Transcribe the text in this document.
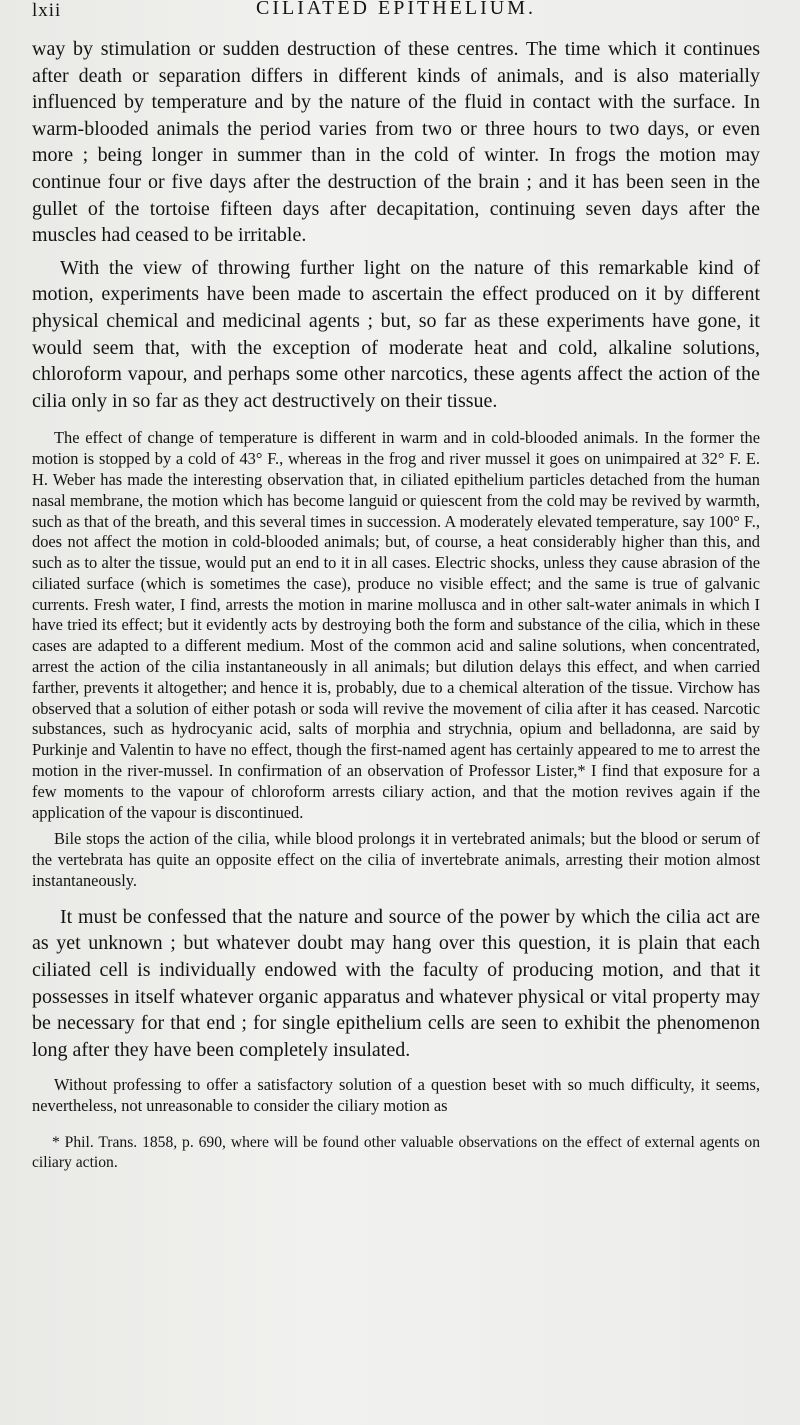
lxii	CILIATED EPITHELIUM.

way by stimulation or sudden destruction of these centres. The time which it continues after death or separation differs in different kinds of animals, and is also materially influenced by temperature and by the nature of the fluid in contact with the surface. In warm-blooded animals the period varies from two or three hours to two days, or even more ; being longer in summer than in the cold of winter. In frogs the motion may continue four or five days after the destruction of the brain ; and it has been seen in the gullet of the tortoise fifteen days after decapitation, continuing seven days after the muscles had ceased to be irritable.

With the view of throwing further light on the nature of this remarkable kind of motion, experiments have been made to ascertain the effect produced on it by different physical chemical and medicinal agents ; but, so far as these experiments have gone, it would seem that, with the exception of moderate heat and cold, alkaline solutions, chloroform vapour, and perhaps some other narcotics, these agents affect the action of the cilia only in so far as they act destructively on their tissue.

The effect of change of temperature is different in warm and in cold-blooded animals. In the former the motion is stopped by a cold of 43° F., whereas in the frog and river mussel it goes on unimpaired at 32° F. E. H. Weber has made the interesting observation that, in ciliated epithelium particles detached from the human nasal membrane, the motion which has become languid or quiescent from the cold may be revived by warmth, such as that of the breath, and this several times in succession. A moderately elevated temperature, say 100° F., does not affect the motion in cold-blooded animals; but, of course, a heat considerably higher than this, and such as to alter the tissue, would put an end to it in all cases. Electric shocks, unless they cause abrasion of the ciliated surface (which is sometimes the case), produce no visible effect; and the same is true of galvanic currents. Fresh water, I find, arrests the motion in marine mollusca and in other salt-water animals in which I have tried its effect; but it evidently acts by destroying both the form and substance of the cilia, which in these cases are adapted to a different medium. Most of the common acid and saline solutions, when concentrated, arrest the action of the cilia instantaneously in all animals; but dilution delays this effect, and when carried farther, prevents it altogether; and hence it is, probably, due to a chemical alteration of the tissue. Virchow has observed that a solution of either potash or soda will revive the movement of cilia after it has ceased. Narcotic substances, such as hydrocyanic acid, salts of morphia and strychnia, opium and belladonna, are said by Purkinje and Valentin to have no effect, though the first-named agent has certainly appeared to me to arrest the motion in the river-mussel. In confirmation of an observation of Professor Lister,* I find that exposure for a few moments to the vapour of chloroform arrests ciliary action, and that the motion revives again if the application of the vapour is discontinued.

Bile stops the action of the cilia, while blood prolongs it in vertebrated animals; but the blood or serum of the vertebrata has quite an opposite effect on the cilia of invertebrate animals, arresting their motion almost instantaneously.

It must be confessed that the nature and source of the power by which the cilia act are as yet unknown ; but whatever doubt may hang over this question, it is plain that each ciliated cell is individually endowed with the faculty of producing motion, and that it possesses in itself whatever organic apparatus and whatever physical or vital property may be necessary for that end ; for single epithelium cells are seen to exhibit the phenomenon long after they have been completely insulated.

Without professing to offer a satisfactory solution of a question beset with so much difficulty, it seems, nevertheless, not unreasonable to consider the ciliary motion as

* Phil. Trans. 1858, p. 690, where will be found other valuable observations on the effect of external agents on ciliary action.
